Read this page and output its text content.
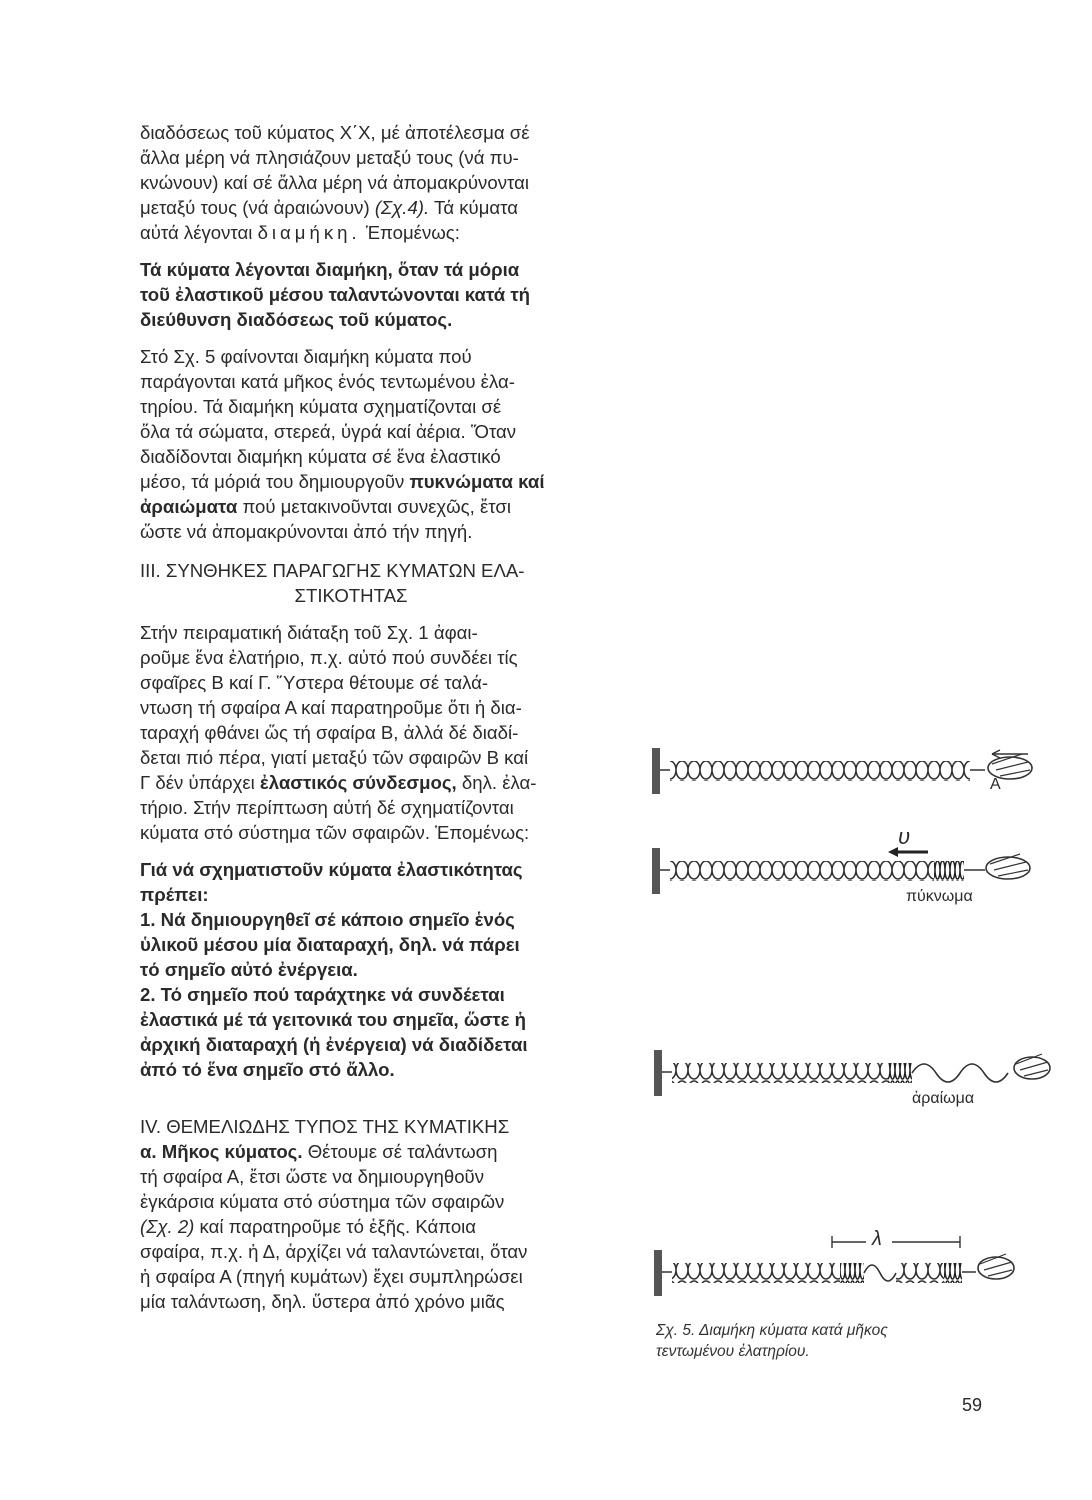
διαδόσεως τοῦ κύματος Χ΄Χ, μέ ἀποτέλεσμα σέ

ἄλλα μέρη νά πλησιάζουν μεταξύ τους (νά πυ-

κνώνουν) καί σέ ἄλλα μέρη νά ἀπομακρύνονται

μεταξύ τους (νά ἀραιώνουν) (Σχ.4). Τά κύματα

αὐτά λέγονται διαμήκη. Ἑπομένως:

Τά κύματα λέγονται διαμήκη, ὅταν τά μόρια

τοῦ ἐλαστικοῦ μέσου ταλαντώνονται κατά τή

διεύθυνση διαδόσεως τοῦ κύματος.

Στό Σχ. 5 φαίνονται διαμήκη κύματα πού

παράγονται κατά μῆκος ἑνός τεντωμένου ἐλα-

τηρίου. Τά διαμήκη κύματα σχηματίζονται σέ

ὅλα τά σώματα, στερεά, ὑγρά καί ἀέρια. Ὅταν

διαδίδονται διαμήκη κύματα σέ ἕνα ἐλαστικό

μέσο, τά μόριά του δημιουργοῦν πυκνώματα καί

ἀραιώματα πού μετακινοῦνται συνεχῶς, ἔτσι

ὥστε νά ἀπομακρύνονται ἀπό τήν πηγή.

III. ΣΥΝΘΗΚΕΣ ΠΑΡΑΓΩΓΗΣ ΚΥΜΑΤΩΝ ΕΛΑ-

ΣΤΙΚΟΤΗΤΑΣ

Στήν πειραματική διάταξη τοῦ Σχ. 1 ἀφαι-

ροῦμε ἕνα ἐλατήριο, π.χ. αὐτό πού συνδέει τίς

σφαῖρες Β καί Γ. Ὕστερα θέτουμε σέ ταλά-

ντωση τή σφαίρα Α καί παρατηροῦμε ὅτι ἡ δια-

ταραχή φθάνει ὥς τή σφαίρα Β, ἀλλά δέ διαδί-

δεται πιό πέρα, γιατί μεταξύ τῶν σφαιρῶν Β καί

Γ δέν ὑπάρχει ἐλαστικός σύνδεσμος, δηλ. ἐλα-

τήριο. Στήν περίπτωση αὐτή δέ σχηματίζονται

κύματα στό σύστημα τῶν σφαιρῶν. Ἑπομένως:

Γιά νά σχηματιστοῦν κύματα ἐλαστικότητας

πρέπει:

1. Νά δημιουργηθεῖ σέ κάποιο σημεῖο ἑνός

ὑλικοῦ μέσου μία διαταραχή, δηλ. νά πάρει

τό σημεῖο αὐτό ἐνέργεια.

2. Τό σημεῖο πού ταράχτηκε νά συνδέεται

ἐλαστικά μέ τά γειτονικά του σημεῖα, ὥστε ἡ

ἀρχική διαταραχή (ἡ ἐνέργεια) νά διαδίδεται

ἀπό τό ἕνα σημεῖο στό ἄλλο.

IV. ΘΕΜΕΛΙΩΔΗΣ ΤΥΠΟΣ ΤΗΣ ΚΥΜΑΤΙΚΗΣ

α. Μῆκος κύματος. Θέτουμε σέ ταλάντωση

τή σφαίρα Α, ἔτσι ὥστε να δημιουργηθοῦν

ἐγκάρσια κύματα στό σύστημα τῶν σφαιρῶν

(Σχ. 2) καί παρατηροῦμε τό ἑξῆς. Κάποια

σφαίρα, π.χ. ἡ Δ, ἀρχίζει νά ταλαντώνεται, ὅταν

ἡ σφαίρα Α (πηγή κυμάτων) ἔχει συμπληρώσει

μία ταλάντωση, δηλ. ὕστερα ἀπό χρόνο μιᾶς

Α
υ
πύκνωμα
ἀραίωμα
λ
Σχ. 5. Διαμήκη κύματα κατά μῆκος
τεντωμένου ἐλατηρίου.
59
